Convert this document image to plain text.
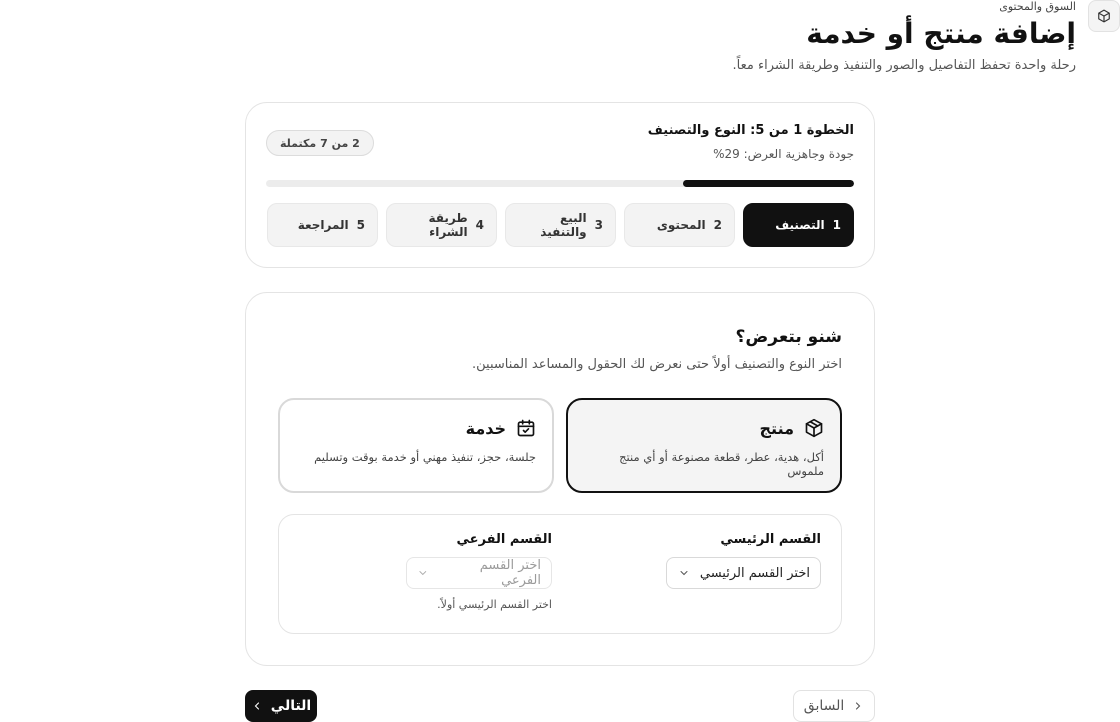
السوق والمحتوى
إضافة منتج أو خدمة
رحلة واحدة تحفظ التفاصيل والصور والتنفيذ وطريقة الشراء معاً.
الخطوة 1 من 5: النوع والتصنيف
جودة وجاهزية العرض: 29%
2 من 7 مكتملة
1
التصنيف
2
المحتوى
3
البيع والتنفيذ
4
طريقة الشراء
5
المراجعة
شنو بتعرض؟
اختر النوع والتصنيف أولاً حتى نعرض لك الحقول والمساعد المناسبين.
منتج
أكل، هدية، عطر، قطعة مصنوعة أو أي منتج ملموس
خدمة
جلسة، حجز، تنفيذ مهني أو خدمة بوقت وتسليم
القسم الرئيسي
اختر القسم الرئيسي
القسم الفرعي
اختر القسم الفرعي
اختر القسم الرئيسي أولاً.
السابق
التالي
